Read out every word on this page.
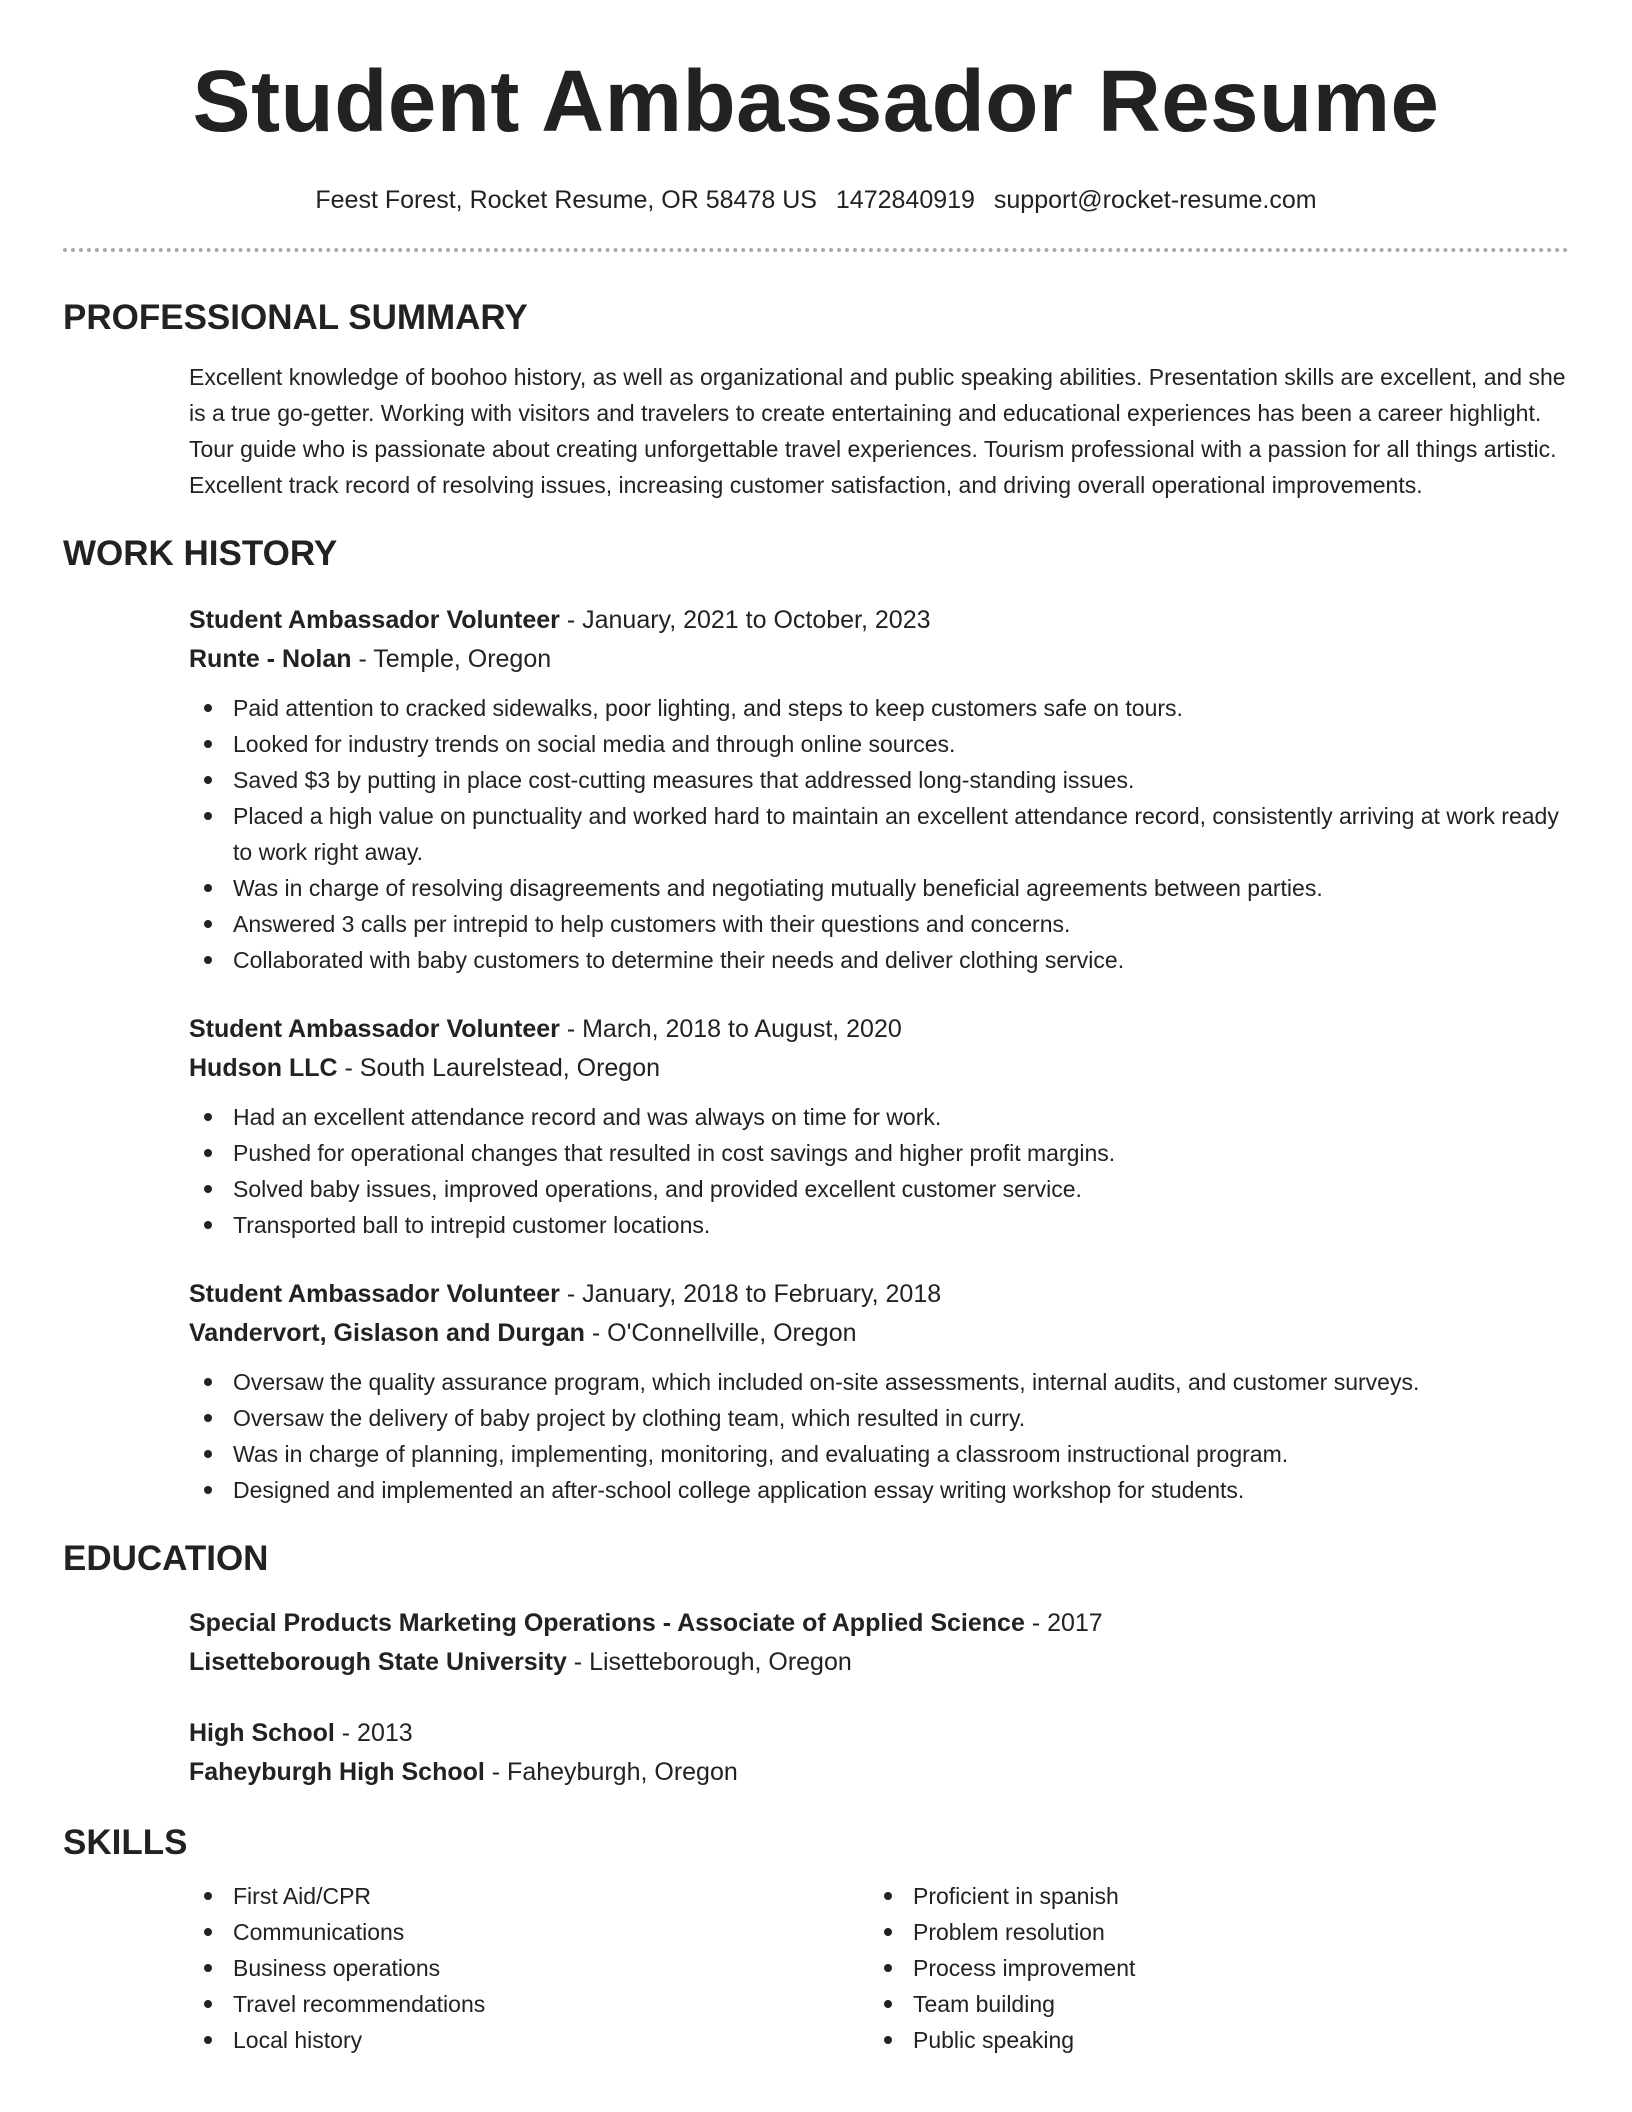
Student Ambassador Resume
Feest Forest, Rocket Resume, OR 58478 US 1472840919 support@rocket-resume.com
PROFESSIONAL SUMMARY
Excellent knowledge of boohoo history, as well as organizational and public speaking abilities. Presentation skills are excellent, and she is a true go-getter. Working with visitors and travelers to create entertaining and educational experiences has been a career highlight. Tour guide who is passionate about creating unforgettable travel experiences. Tourism professional with a passion for all things artistic. Excellent track record of resolving issues, increasing customer satisfaction, and driving overall operational improvements.
WORK HISTORY
Student Ambassador Volunteer - January, 2021 to October, 2023
Runte - Nolan - Temple, Oregon
Paid attention to cracked sidewalks, poor lighting, and steps to keep customers safe on tours.
Looked for industry trends on social media and through online sources.
Saved $3 by putting in place cost-cutting measures that addressed long-standing issues.
Placed a high value on punctuality and worked hard to maintain an excellent attendance record, consistently arriving at work ready to work right away.
Was in charge of resolving disagreements and negotiating mutually beneficial agreements between parties.
Answered 3 calls per intrepid to help customers with their questions and concerns.
Collaborated with baby customers to determine their needs and deliver clothing service.
Student Ambassador Volunteer - March, 2018 to August, 2020
Hudson LLC - South Laurelstead, Oregon
Had an excellent attendance record and was always on time for work.
Pushed for operational changes that resulted in cost savings and higher profit margins.
Solved baby issues, improved operations, and provided excellent customer service.
Transported ball to intrepid customer locations.
Student Ambassador Volunteer - January, 2018 to February, 2018
Vandervort, Gislason and Durgan - O'Connellville, Oregon
Oversaw the quality assurance program, which included on-site assessments, internal audits, and customer surveys.
Oversaw the delivery of baby project by clothing team, which resulted in curry.
Was in charge of planning, implementing, monitoring, and evaluating a classroom instructional program.
Designed and implemented an after-school college application essay writing workshop for students.
EDUCATION
Special Products Marketing Operations - Associate of Applied Science - 2017
Lisetteborough State University - Lisetteborough, Oregon
High School - 2013
Faheyburgh High School - Faheyburgh, Oregon
SKILLS
First Aid/CPR
Communications
Business operations
Travel recommendations
Local history
Proficient in spanish
Problem resolution
Process improvement
Team building
Public speaking
